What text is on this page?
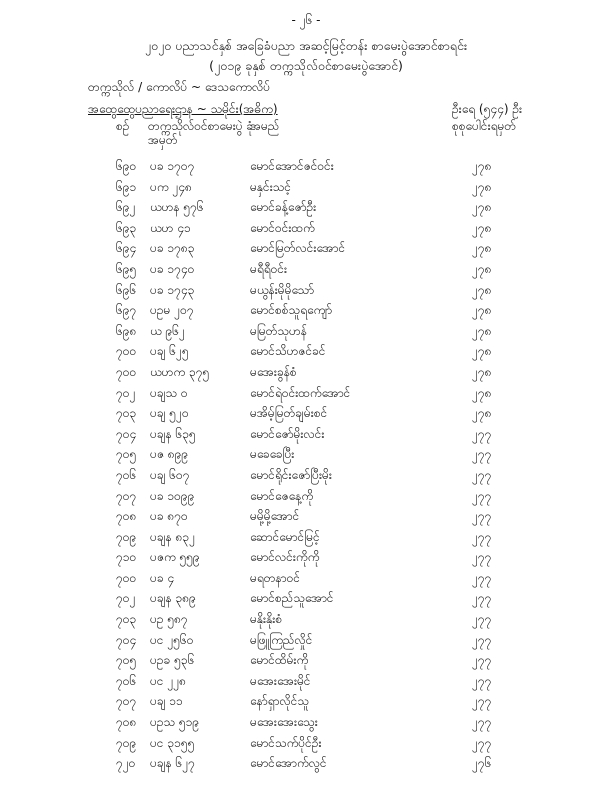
- ၂၆ -
၂၀၂၀ ပညာသင်နှစ် အခြေခံပညာ အဆင့်မြင့်တန်း စာမေးပွဲအောင်စာရင်း
(၂၀၁၉ ခုနှစ် တက္ကသိုလ်ဝင်စာမေးပွဲအောင်)
တက္ကသိုလ် / ကောလိပ် ~ ဒေသကောလိပ်
အထွေထွေပညာရေးဌာန ~ သမိုင်း(အဓိက)	ဦးရေ (၅၄၄) ဦး
စဉ် တက္ကသိုလ်ဝင်စာမေးပွဲ ခုံအမှတ်
အမည်	စုစုပေါင်းရမှတ်
၆၉၀ ပခ ၁၇၀၇	မောင်အောင်ဇင်ဝင်း	၂၇၈
၆၉၁ ပက ၂၄၈	မနှင်းသင့်	၂၇၈
၆၉၂ ယဟန ၅၇၆	မောင်ခန့်ဇော်ဦး	၂၇၈
၆၉၃ ယဟ ၄၁	မောင်ဝင်းထက်	၂၇၈
၆၉၄ ပခ ၁၇၈၃	မောင်မြတ်လင်းအောင်	၂၇၈
၆၉၅ ပခ ၁၇၄၀	မရီရီဝင်း	၂၇၈
၆၉၆ ပခ ၁၇၄၃	မယွန်းမိုမိုသော်	၂၇၈
၆၉၇ ပဥမ ၂၀၇	မောင်စစ်သူရကျော်	၂၇၈
၆၉၈ ယ ၉၆၂	မမြတ်သုဟန်	၂၇၈
၇၀၀ ပချ ၆၂၅	မောင်သိဟဇင်ခင်	၂၇၈
၇၀၀ ယဟက ၃၇၅	မအေးခွန်စံ	၂၇၈
၇၀၂ ပချသ ၀	မောင်ရဲဝင်းထက်အောင်	၂၇၈
၇၀၃ ပချ ၅၂၀	မအိမ့်မြတ်ချမ်းစင်	၂၇၈
၇၀၄ ပချန ၆၃၅	မောင်ဇော်မိုးလင်း	၂၇၇
၇၀၅ ပဇ ၈၉၉	မခေခေပြီး	၂၇၇
၇၀၆ ပချ ၆၀၇	မောင်ရိုင်းဇော်ပြီးမိုး	၂၇၇
၇၀၇ ပခ ၁၀၉၉	မောင်ဇေနေ့ကို	၂၇၇
၇၀၈ ပခ ၈၇၀	မမို့မို့အောင်	၂၇၇
၇၀၉ ပချန ၈၃၂	ဆောင်မောင်မြင့်	၂၇၇
၇၁၀ ပဇက ၅၅၉	မောင်လင်းကိုကို	၂၇၇
၇၀၀ ပခ ၄	မရတနာဝင်	၂၇၇
၇၀၂ ပချန ၃၈၉	မောင်စည်သူအောင်	၂၇၇
၇၀၃ ပဥ ၅၈၇	မနိုးနိုးစံ	၂၇၇
၇၀၄ ပင ၂၅၆၀	မဖြူကြည်လှိုင်	၂၇၇
၇၀၅ ပဥခ ၅၃၆	မောင်ထိမ်းကို	၂၇၇
၇၀၆ ပင ၂၂၈	မအေးအေးမိုင်	၂၇၇
၇၀၇ ပချ ၁၁	နော်ရှာလိုင်သူ	၂၇၇
၇၀၈ ပဥသ ၅၁၉	မအေးအေးသွေး	၂၇၇
၇၀၉ ပင ၃၁၅၅	မောင်သက်ပိုင်ဦး	၂၇၇
၇၂၀ ပချန ၆၂၇	မောင်အောက်လွင်	၂၇၆
